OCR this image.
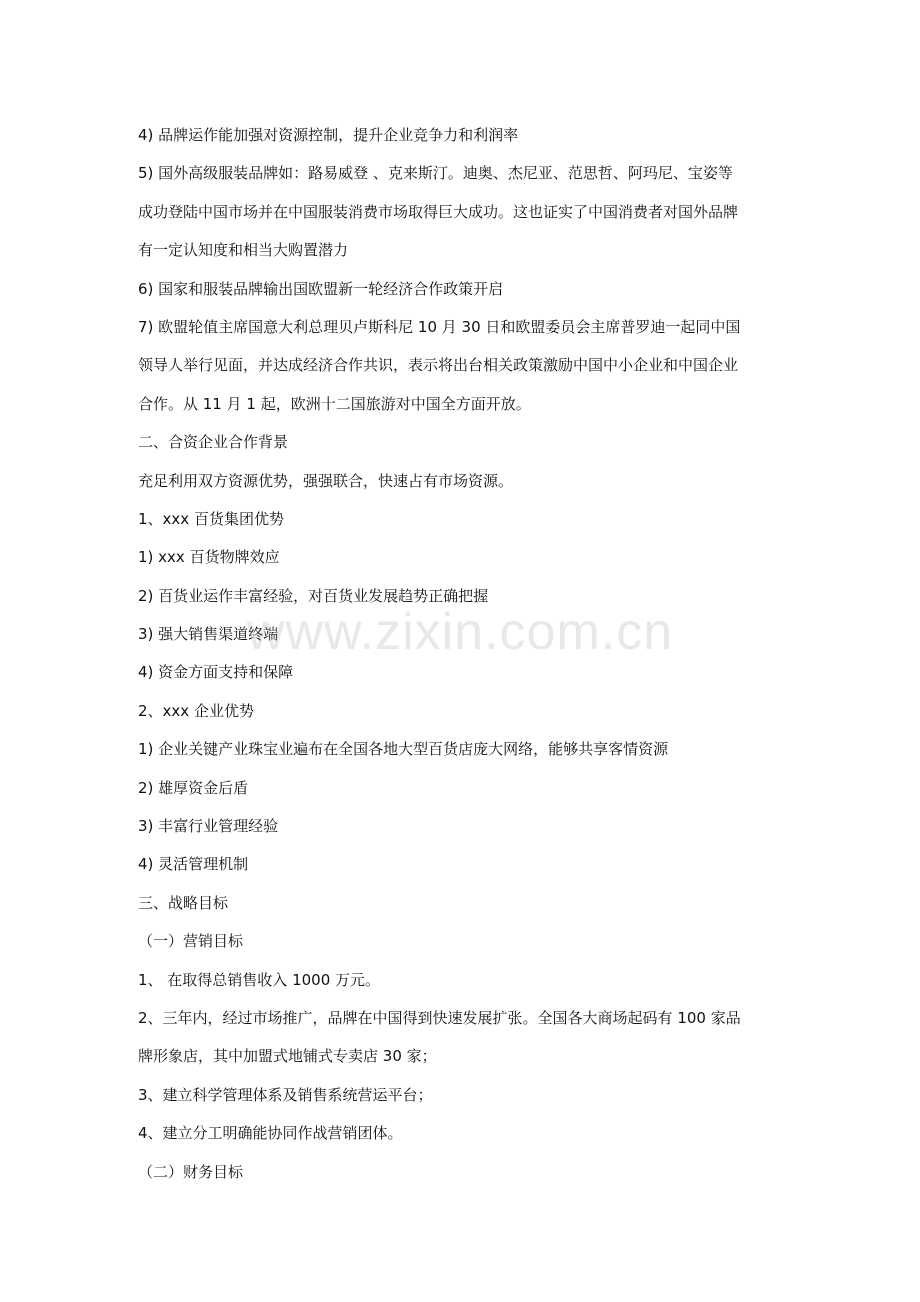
4) 品牌运作能加强对资源控制，提升企业竞争力和利润率
5) 国外高级服装品牌如：路易威登 、克来斯汀。迪奥、杰尼亚、范思哲、阿玛尼、宝姿等
成功登陆中国市场并在中国服装消费市场取得巨大成功。这也证实了中国消费者对国外品牌
有一定认知度和相当大购置潜力
6) 国家和服装品牌输出国欧盟新一轮经济合作政策开启
7) 欧盟轮值主席国意大利总理贝卢斯科尼 10 月 30 日和欧盟委员会主席普罗迪一起同中国
领导人举行见面，并达成经济合作共识，表示将出台相关政策激励中国中小企业和中国企业
合作。从 11 月 1 起，欧洲十二国旅游对中国全方面开放。
二、合资企业合作背景
充足利用双方资源优势，强强联合，快速占有市场资源。
1、xxx 百货集团优势
1) xxx 百货物牌效应
2) 百货业运作丰富经验，对百货业发展趋势正确把握
3) 强大销售渠道终端
4) 资金方面支持和保障
2、xxx 企业优势
1) 企业关键产业珠宝业遍布在全国各地大型百货店庞大网络，能够共享客情资源
2) 雄厚资金后盾
3) 丰富行业管理经验
4) 灵活管理机制
三、战略目标
（一）营销目标
1、 在取得总销售收入 1000 万元。
2、三年内，经过市场推广，品牌在中国得到快速发展扩张。全国各大商场起码有 100 家品
牌形象店，其中加盟式地铺式专卖店 30 家；
3、建立科学管理体系及销售系统营运平台；
4、建立分工明确能协同作战营销团体。
（二）财务目标
www.zixin.com.cn
